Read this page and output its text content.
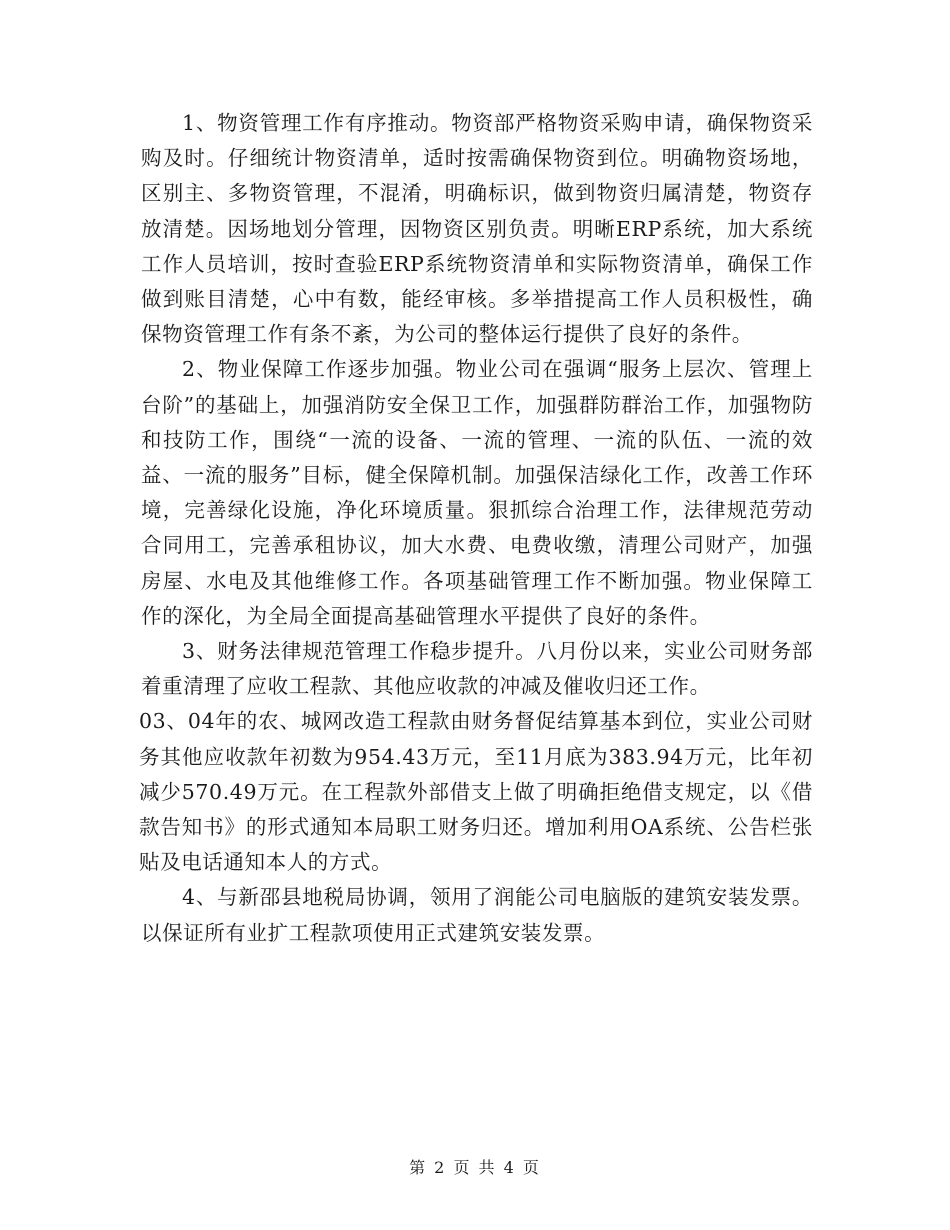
1、物资管理工作有序推动。物资部严格物资采购申请，确保物资采购及时。仔细统计物资清单，适时按需确保物资到位。明确物资场地，区别主、多物资管理，不混淆，明确标识，做到物资归属清楚，物资存放清楚。因场地划分管理，因物资区别负责。明晰ERP系统，加大系统工作人员培训，按时查验ERP系统物资清单和实际物资清单，确保工作做到账目清楚，心中有数，能经审核。多举措提高工作人员积极性，确保物资管理工作有条不紊，为公司的整体运行提供了良好的条件。

2、物业保障工作逐步加强。物业公司在强调“服务上层次、管理上台阶”的基础上，加强消防安全保卫工作，加强群防群治工作，加强物防和技防工作，围绕“一流的设备、一流的管理、一流的队伍、一流的效益、一流的服务”目标，健全保障机制。加强保洁绿化工作，改善工作环境，完善绿化设施，净化环境质量。狠抓综合治理工作，法律规范劳动合同用工，完善承租协议，加大水费、电费收缴，清理公司财产，加强房屋、水电及其他维修工作。各项基础管理工作不断加强。物业保障工作的深化，为全局全面提高基础管理水平提供了良好的条件。

3、财务法律规范管理工作稳步提升。八月份以来，实业公司财务部着重清理了应收工程款、其他应收款的冲减及催收归还工作。

03、04年的农、城网改造工程款由财务督促结算基本到位，实业公司财务其他应收款年初数为954.43万元，至11月底为383.94万元，比年初减少570.49万元。在工程款外部借支上做了明确拒绝借支规定，以《借款告知书》的形式通知本局职工财务归还。增加利用OA系统、公告栏张贴及电话通知本人的方式。

4、与新邵县地税局协调，领用了润能公司电脑版的建筑安装发票。以保证所有业扩工程款项使用正式建筑安装发票。

第 2 页 共 4 页
